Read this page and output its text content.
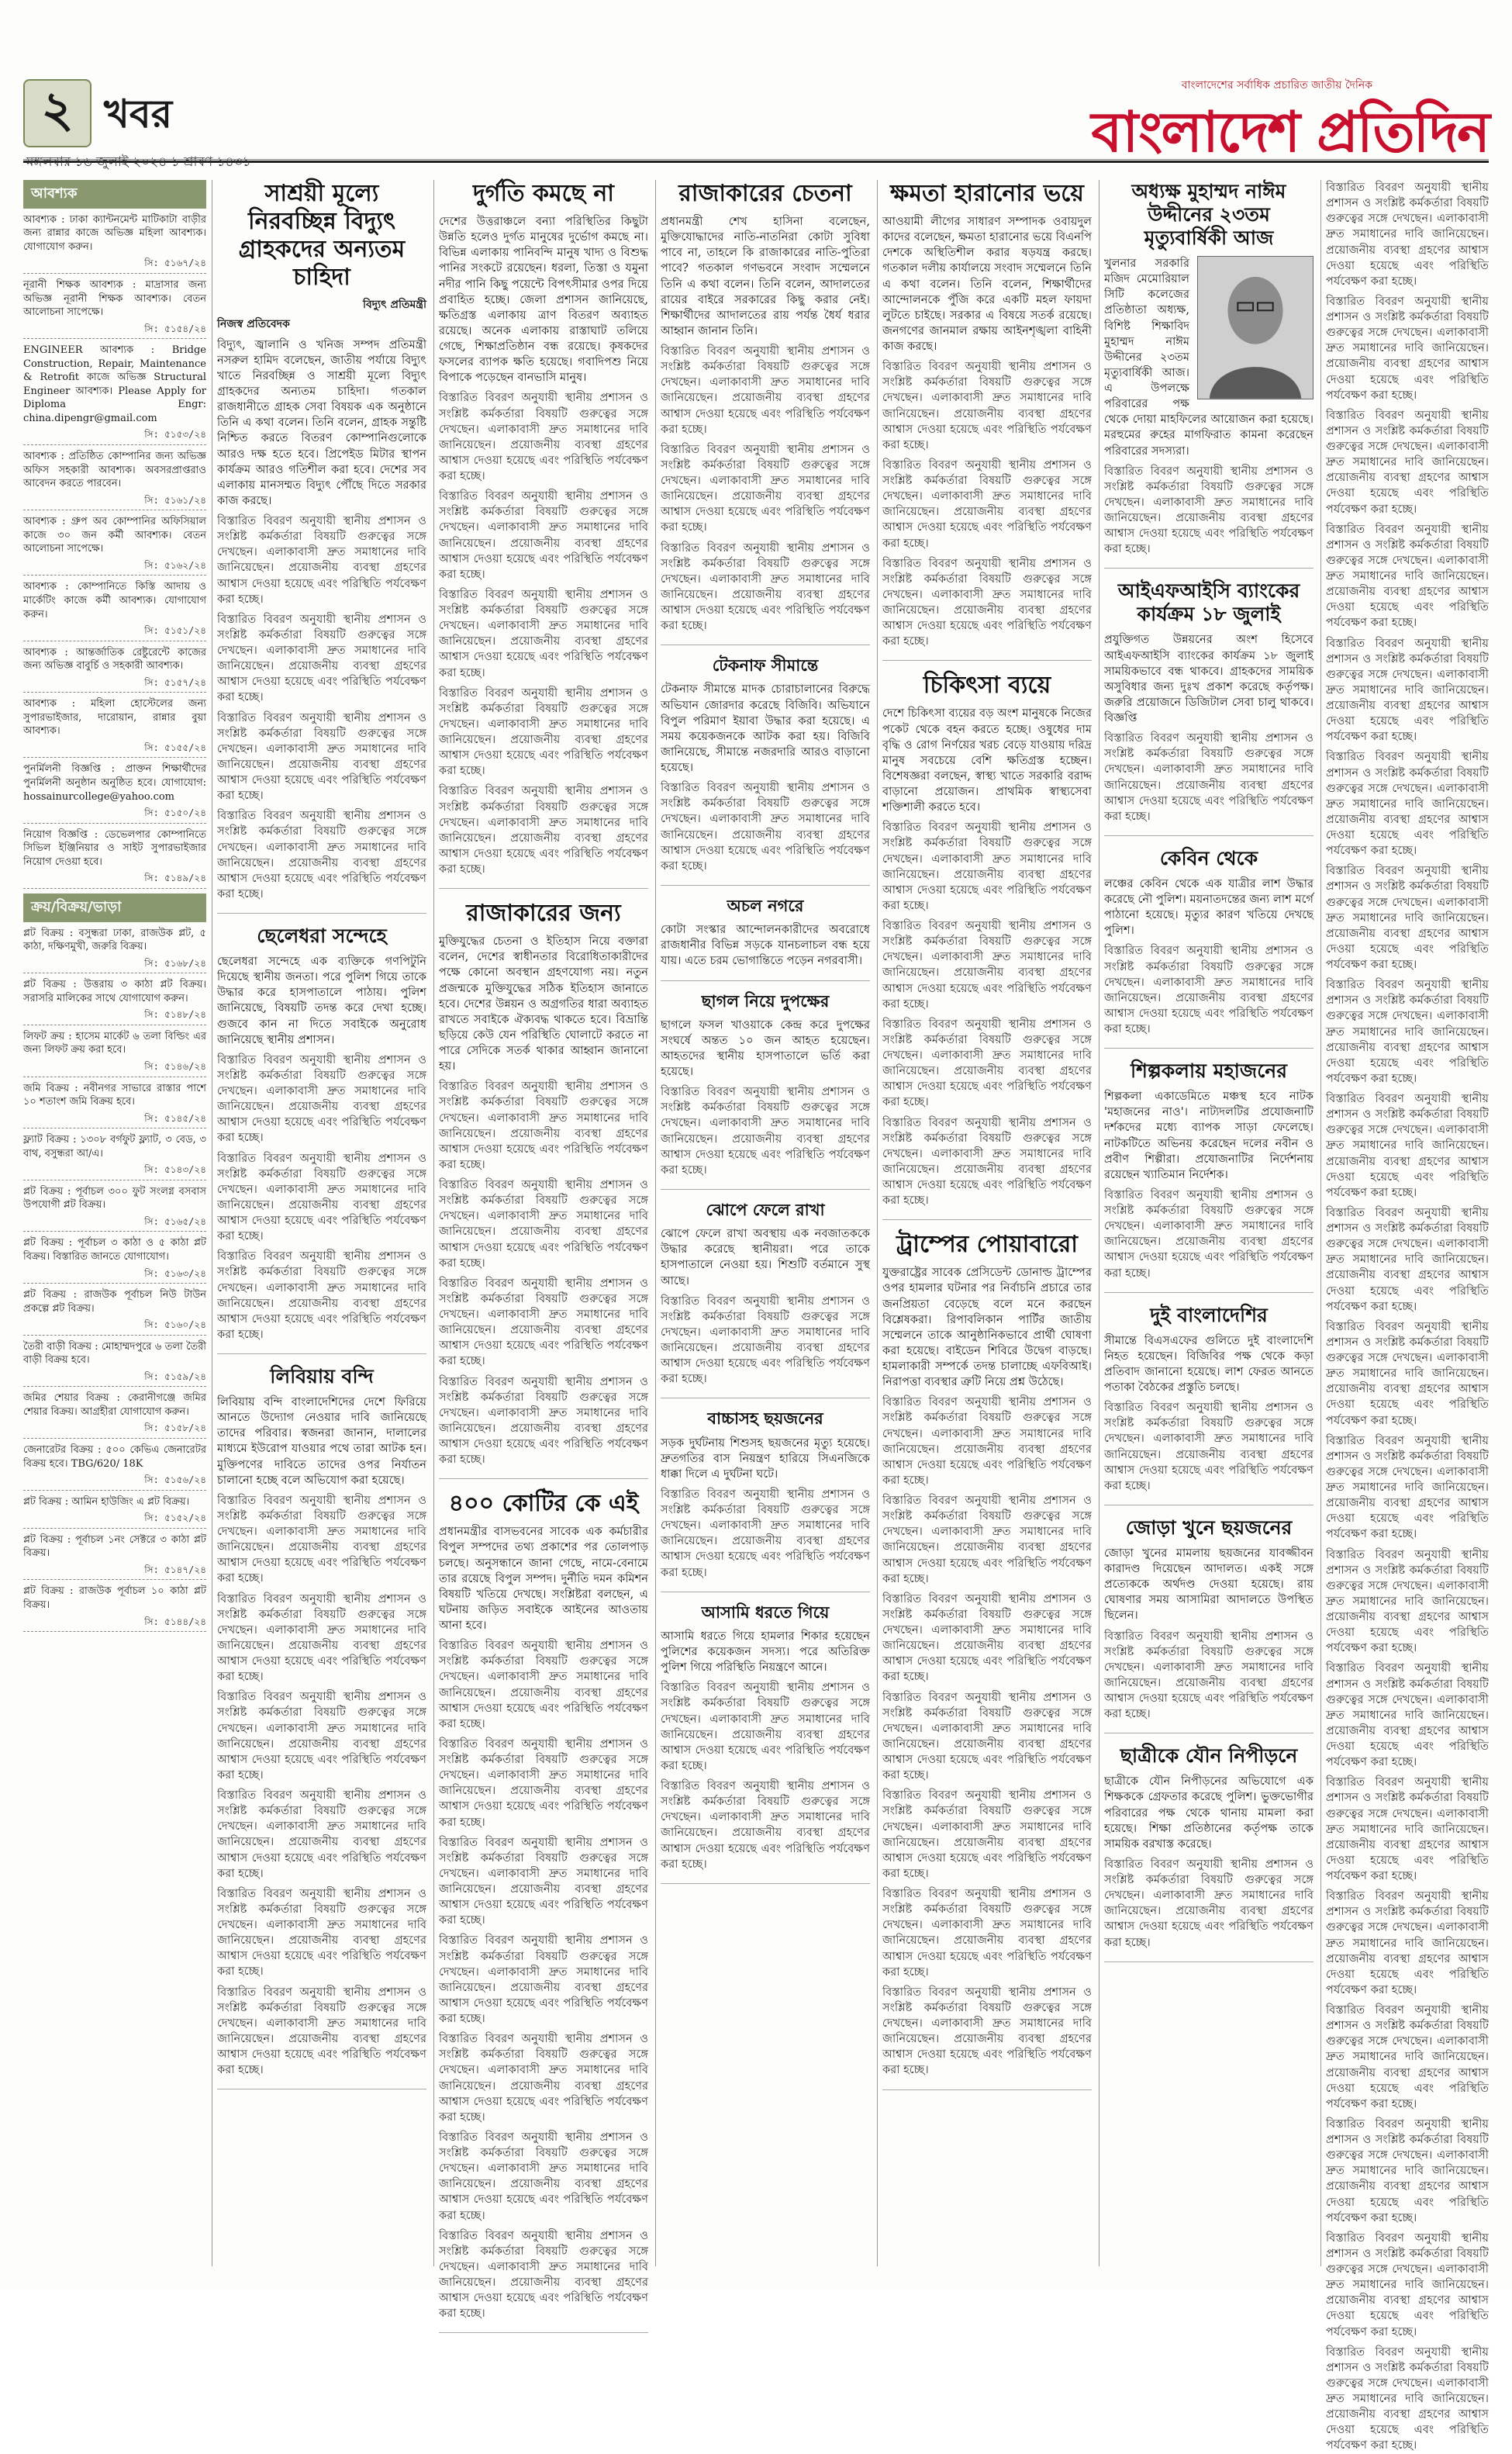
২ খবর
মঙ্গলবার ১৬ জুলাই ২০২৪ ১ শ্রাবণ ১৪৩১
বাংলাদেশের সর্বাধিক প্রচারিত জাতীয় দৈনিক
বাংলাদেশ প্রতিদিন
আবশ্যক
আবশ্যক : ঢাকা ক্যান্টনমেন্ট মাটিকাটা বাড়ীর জন্য রান্নার কাজে অভিজ্ঞ মহিলা আবশ্যক। যোগাযোগ করুন।
সি: ৫১৬৭/২৪
নূরানী শিক্ষক আবশ্যক : মাদ্রাসার জন্য অভিজ্ঞ নূরানী শিক্ষক আবশ্যক। বেতন আলোচনা সাপেক্ষে।
সি: ৫১৫৪/২৪
ENGINEER আবশ্যক : Bridge Construction, Repair, Maintenance & Retrofit কাজে অভিজ্ঞ Structural Engineer আবশ্যক। Please Apply for Diploma Engr: china.dipengr@gmail.com
সি: ৫১৫৩/২৪
আবশ্যক : প্রতিষ্ঠিত কোম্পানির জন্য অভিজ্ঞ অফিস সহকারী আবশ্যক। অবসরপ্রাপ্তরাও আবেদন করতে পারবেন।
সি: ৫১৬১/২৪
আবশ্যক : গ্রুপ অব কোম্পানির অফিসিয়াল কাজে ৩০ জন কর্মী আবশ্যক। বেতন আলোচনা সাপেক্ষে।
সি: ৫১৬২/২৪
আবশ্যক : কোম্পানিতে কিস্তি আদায় ও মার্কেটিং কাজে কর্মী আবশ্যক। যোগাযোগ করুন।
সি: ৫১৫১/২৪
আবশ্যক : আন্তর্জাতিক রেষ্টুরেন্টে কাজের জন্য অভিজ্ঞ বাবুর্চি ও সহকারী আবশ্যক।
সি: ৫১৫৭/২৪
আবশ্যক : মহিলা হোস্টেলের জন্য সুপারভাইজার, দারোয়ান, রান্নার বুয়া আবশ্যক।
সি: ৫১৫৫/২৪
পুনর্মিলনী বিজ্ঞপ্তি : প্রাক্তন শিক্ষার্থীদের পুনর্মিলনী অনুষ্ঠান অনুষ্ঠিত হবে। যোগাযোগ: hossainurcollege@yahoo.com
সি: ৫১৫০/২৪
নিয়োগ বিজ্ঞপ্তি : ডেভেলপার কোম্পানিতে সিভিল ইঞ্জিনিয়ার ও সাইট সুপারভাইজার নিয়োগ দেওয়া হবে।
সি: ৫১৪৯/২৪
ক্রয়/বিক্রয়/ভাড়া
প্লট বিক্রয় : বসুন্ধরা ঢাকা, রাজউক প্লট, ৫ কাঠা, দক্ষিণমুখী, জরুরি বিক্রয়।
সি: ৫১৬৮/২৪
প্লট বিক্রয় : উত্তরায় ৩ কাঠা প্লট বিক্রয়। সরাসরি মালিকের সাথে যোগাযোগ করুন।
সি: ৫১৪৮/২৪
লিফট ক্রয় : হাসেম মার্কেট ৬ তলা বিল্ডিং এর জন্য লিফট ক্রয় করা হবে।
সি: ৫১৪৬/২৪
জমি বিক্রয় : নবীনগর সাভারে রাস্তার পাশে ১০ শতাংশ জমি বিক্রয় হবে।
সি: ৫১৪৫/২৪
ফ্ল্যাট বিক্রয় : ১৩০৮ বর্গফুট ফ্ল্যাট, ৩ বেড, ৩ বাথ, বসুন্ধরা আ/এ।
সি: ৫১৪৩/২৪
প্লট বিক্রয় : পূর্বাচল ৩০০ ফুট সংলগ্ন বসবাস উপযোগী প্লট বিক্রয়।
সি: ৫১৬৫/২৪
প্লট বিক্রয় : পূর্বাচল ৩ কাঠা ও ৫ কাঠা প্লট বিক্রয়। বিস্তারিত জানতে যোগাযোগ।
সি: ৫১৬৩/২৪
প্লট বিক্রয় : রাজউক পূর্বাচল নিউ টাউন প্রকল্পে প্লট বিক্রয়।
সি: ৫১৬০/২৪
তৈরী বাড়ী বিক্রয় : মোহাম্মদপুরে ৬ তলা তৈরী বাড়ী বিক্রয় হবে।
সি: ৫১৫৯/২৪
জমির শেয়ার বিক্রয় : কেরানীগঞ্জে জমির শেয়ার বিক্রয়। আগ্রহীরা যোগাযোগ করুন।
সি: ৫১৫৮/২৪
জেনারেটর বিক্রয় : ৫০০ কেভিএ জেনারেটর বিক্রয় হবে। TBG/620/ 18K
সি: ৫১৫৬/২৪
প্লট বিক্রয় : আমিন হাউজিং এ প্লট বিক্রয়।
সি: ৫১৫২/২৪
প্লট বিক্রয় : পূর্বাচল ১নং সেক্টরে ৩ কাঠা প্লট বিক্রয়।
সি: ৫১৪৭/২৪
প্লট বিক্রয় : রাজউক পূর্বাচল ১০ কাঠা প্লট বিক্রয়।
সি: ৫১৪৪/২৪
সাশ্রয়ী মূল্যে নিরবচ্ছিন্ন বিদ্যুৎ গ্রাহকদের অন্যতম চাহিদা
বিদ্যুৎ প্রতিমন্ত্রী
নিজস্ব প্রতিবেদক

বিদ্যুৎ, জ্বালানি ও খনিজ সম্পদ প্রতিমন্ত্রী নসরুল হামিদ বলেছেন, জাতীয় পর্যায়ে বিদ্যুৎ খাতে নিরবচ্ছিন্ন ও সাশ্রয়ী মূল্যে বিদ্যুৎ গ্রাহকদের অন্যতম চাহিদা। গতকাল রাজধানীতে গ্রাহক সেবা বিষয়ক এক অনুষ্ঠানে তিনি এ কথা বলেন। তিনি বলেন, গ্রাহক সন্তুষ্টি নিশ্চিত করতে বিতরণ কোম্পানিগুলোকে আরও দক্ষ হতে হবে। প্রিপেইড মিটার স্থাপন কার্যক্রম আরও গতিশীল করা হবে। দেশের সব এলাকায় মানসম্মত বিদ্যুৎ পৌঁছে দিতে সরকার কাজ করছে।

বিস্তারিত বিবরণ অনুযায়ী স্থানীয় প্রশাসন ও সংশ্লিষ্ট কর্মকর্তারা বিষয়টি গুরুত্বের সঙ্গে দেখছেন। এলাকাবাসী দ্রুত সমাধানের দাবি জানিয়েছেন। প্রয়োজনীয় ব্যবস্থা গ্রহণের আশ্বাস দেওয়া হয়েছে এবং পরিস্থিতি পর্যবেক্ষণ করা হচ্ছে।

বিস্তারিত বিবরণ অনুযায়ী স্থানীয় প্রশাসন ও সংশ্লিষ্ট কর্মকর্তারা বিষয়টি গুরুত্বের সঙ্গে দেখছেন। এলাকাবাসী দ্রুত সমাধানের দাবি জানিয়েছেন। প্রয়োজনীয় ব্যবস্থা গ্রহণের আশ্বাস দেওয়া হয়েছে এবং পরিস্থিতি পর্যবেক্ষণ করা হচ্ছে।

বিস্তারিত বিবরণ অনুযায়ী স্থানীয় প্রশাসন ও সংশ্লিষ্ট কর্মকর্তারা বিষয়টি গুরুত্বের সঙ্গে দেখছেন। এলাকাবাসী দ্রুত সমাধানের দাবি জানিয়েছেন। প্রয়োজনীয় ব্যবস্থা গ্রহণের আশ্বাস দেওয়া হয়েছে এবং পরিস্থিতি পর্যবেক্ষণ করা হচ্ছে।

বিস্তারিত বিবরণ অনুযায়ী স্থানীয় প্রশাসন ও সংশ্লিষ্ট কর্মকর্তারা বিষয়টি গুরুত্বের সঙ্গে দেখছেন। এলাকাবাসী দ্রুত সমাধানের দাবি জানিয়েছেন। প্রয়োজনীয় ব্যবস্থা গ্রহণের আশ্বাস দেওয়া হয়েছে এবং পরিস্থিতি পর্যবেক্ষণ করা হচ্ছে।

ছেলেধরা সন্দেহে

ছেলেধরা সন্দেহে এক ব্যক্তিকে গণপিটুনি দিয়েছে স্থানীয় জনতা। পরে পুলিশ গিয়ে তাকে উদ্ধার করে হাসপাতালে পাঠায়। পুলিশ জানিয়েছে, বিষয়টি তদন্ত করে দেখা হচ্ছে। গুজবে কান না দিতে সবাইকে অনুরোধ জানিয়েছে স্থানীয় প্রশাসন।

বিস্তারিত বিবরণ অনুযায়ী স্থানীয় প্রশাসন ও সংশ্লিষ্ট কর্মকর্তারা বিষয়টি গুরুত্বের সঙ্গে দেখছেন। এলাকাবাসী দ্রুত সমাধানের দাবি জানিয়েছেন। প্রয়োজনীয় ব্যবস্থা গ্রহণের আশ্বাস দেওয়া হয়েছে এবং পরিস্থিতি পর্যবেক্ষণ করা হচ্ছে।

বিস্তারিত বিবরণ অনুযায়ী স্থানীয় প্রশাসন ও সংশ্লিষ্ট কর্মকর্তারা বিষয়টি গুরুত্বের সঙ্গে দেখছেন। এলাকাবাসী দ্রুত সমাধানের দাবি জানিয়েছেন। প্রয়োজনীয় ব্যবস্থা গ্রহণের আশ্বাস দেওয়া হয়েছে এবং পরিস্থিতি পর্যবেক্ষণ করা হচ্ছে।

বিস্তারিত বিবরণ অনুযায়ী স্থানীয় প্রশাসন ও সংশ্লিষ্ট কর্মকর্তারা বিষয়টি গুরুত্বের সঙ্গে দেখছেন। এলাকাবাসী দ্রুত সমাধানের দাবি জানিয়েছেন। প্রয়োজনীয় ব্যবস্থা গ্রহণের আশ্বাস দেওয়া হয়েছে এবং পরিস্থিতি পর্যবেক্ষণ করা হচ্ছে।

লিবিয়ায় বন্দি

লিবিয়ায় বন্দি বাংলাদেশিদের দেশে ফিরিয়ে আনতে উদ্যোগ নেওয়ার দাবি জানিয়েছে তাদের পরিবার। স্বজনরা জানান, দালালের মাধ্যমে ইউরোপ যাওয়ার পথে তারা আটক হন। মুক্তিপণের দাবিতে তাদের ওপর নির্যাতন চালানো হচ্ছে বলে অভিযোগ করা হয়েছে।

বিস্তারিত বিবরণ অনুযায়ী স্থানীয় প্রশাসন ও সংশ্লিষ্ট কর্মকর্তারা বিষয়টি গুরুত্বের সঙ্গে দেখছেন। এলাকাবাসী দ্রুত সমাধানের দাবি জানিয়েছেন। প্রয়োজনীয় ব্যবস্থা গ্রহণের আশ্বাস দেওয়া হয়েছে এবং পরিস্থিতি পর্যবেক্ষণ করা হচ্ছে।

বিস্তারিত বিবরণ অনুযায়ী স্থানীয় প্রশাসন ও সংশ্লিষ্ট কর্মকর্তারা বিষয়টি গুরুত্বের সঙ্গে দেখছেন। এলাকাবাসী দ্রুত সমাধানের দাবি জানিয়েছেন। প্রয়োজনীয় ব্যবস্থা গ্রহণের আশ্বাস দেওয়া হয়েছে এবং পরিস্থিতি পর্যবেক্ষণ করা হচ্ছে।

বিস্তারিত বিবরণ অনুযায়ী স্থানীয় প্রশাসন ও সংশ্লিষ্ট কর্মকর্তারা বিষয়টি গুরুত্বের সঙ্গে দেখছেন। এলাকাবাসী দ্রুত সমাধানের দাবি জানিয়েছেন। প্রয়োজনীয় ব্যবস্থা গ্রহণের আশ্বাস দেওয়া হয়েছে এবং পরিস্থিতি পর্যবেক্ষণ করা হচ্ছে।

বিস্তারিত বিবরণ অনুযায়ী স্থানীয় প্রশাসন ও সংশ্লিষ্ট কর্মকর্তারা বিষয়টি গুরুত্বের সঙ্গে দেখছেন। এলাকাবাসী দ্রুত সমাধানের দাবি জানিয়েছেন। প্রয়োজনীয় ব্যবস্থা গ্রহণের আশ্বাস দেওয়া হয়েছে এবং পরিস্থিতি পর্যবেক্ষণ করা হচ্ছে।

বিস্তারিত বিবরণ অনুযায়ী স্থানীয় প্রশাসন ও সংশ্লিষ্ট কর্মকর্তারা বিষয়টি গুরুত্বের সঙ্গে দেখছেন। এলাকাবাসী দ্রুত সমাধানের দাবি জানিয়েছেন। প্রয়োজনীয় ব্যবস্থা গ্রহণের আশ্বাস দেওয়া হয়েছে এবং পরিস্থিতি পর্যবেক্ষণ করা হচ্ছে।

বিস্তারিত বিবরণ অনুযায়ী স্থানীয় প্রশাসন ও সংশ্লিষ্ট কর্মকর্তারা বিষয়টি গুরুত্বের সঙ্গে দেখছেন। এলাকাবাসী দ্রুত সমাধানের দাবি জানিয়েছেন। প্রয়োজনীয় ব্যবস্থা গ্রহণের আশ্বাস দেওয়া হয়েছে এবং পরিস্থিতি পর্যবেক্ষণ করা হচ্ছে।

দুর্গতি কমছে না

দেশের উত্তরাঞ্চলে বন্যা পরিস্থিতির কিছুটা উন্নতি হলেও দুর্গত মানুষের দুর্ভোগ কমছে না। বিভিন্ন এলাকায় পানিবন্দি মানুষ খাদ্য ও বিশুদ্ধ পানির সংকটে রয়েছেন। ধরলা, তিস্তা ও যমুনা নদীর পানি কিছু পয়েন্টে বিপৎসীমার ওপর দিয়ে প্রবাহিত হচ্ছে। জেলা প্রশাসন জানিয়েছে, ক্ষতিগ্রস্ত এলাকায় ত্রাণ বিতরণ অব্যাহত রয়েছে। অনেক এলাকায় রাস্তাঘাট তলিয়ে গেছে, শিক্ষাপ্রতিষ্ঠান বন্ধ রয়েছে। কৃষকদের ফসলের ব্যাপক ক্ষতি হয়েছে। গবাদিপশু নিয়ে বিপাকে পড়েছেন বানভাসি মানুষ।

বিস্তারিত বিবরণ অনুযায়ী স্থানীয় প্রশাসন ও সংশ্লিষ্ট কর্মকর্তারা বিষয়টি গুরুত্বের সঙ্গে দেখছেন। এলাকাবাসী দ্রুত সমাধানের দাবি জানিয়েছেন। প্রয়োজনীয় ব্যবস্থা গ্রহণের আশ্বাস দেওয়া হয়েছে এবং পরিস্থিতি পর্যবেক্ষণ করা হচ্ছে।

বিস্তারিত বিবরণ অনুযায়ী স্থানীয় প্রশাসন ও সংশ্লিষ্ট কর্মকর্তারা বিষয়টি গুরুত্বের সঙ্গে দেখছেন। এলাকাবাসী দ্রুত সমাধানের দাবি জানিয়েছেন। প্রয়োজনীয় ব্যবস্থা গ্রহণের আশ্বাস দেওয়া হয়েছে এবং পরিস্থিতি পর্যবেক্ষণ করা হচ্ছে।

বিস্তারিত বিবরণ অনুযায়ী স্থানীয় প্রশাসন ও সংশ্লিষ্ট কর্মকর্তারা বিষয়টি গুরুত্বের সঙ্গে দেখছেন। এলাকাবাসী দ্রুত সমাধানের দাবি জানিয়েছেন। প্রয়োজনীয় ব্যবস্থা গ্রহণের আশ্বাস দেওয়া হয়েছে এবং পরিস্থিতি পর্যবেক্ষণ করা হচ্ছে।

বিস্তারিত বিবরণ অনুযায়ী স্থানীয় প্রশাসন ও সংশ্লিষ্ট কর্মকর্তারা বিষয়টি গুরুত্বের সঙ্গে দেখছেন। এলাকাবাসী দ্রুত সমাধানের দাবি জানিয়েছেন। প্রয়োজনীয় ব্যবস্থা গ্রহণের আশ্বাস দেওয়া হয়েছে এবং পরিস্থিতি পর্যবেক্ষণ করা হচ্ছে।

বিস্তারিত বিবরণ অনুযায়ী স্থানীয় প্রশাসন ও সংশ্লিষ্ট কর্মকর্তারা বিষয়টি গুরুত্বের সঙ্গে দেখছেন। এলাকাবাসী দ্রুত সমাধানের দাবি জানিয়েছেন। প্রয়োজনীয় ব্যবস্থা গ্রহণের আশ্বাস দেওয়া হয়েছে এবং পরিস্থিতি পর্যবেক্ষণ করা হচ্ছে।

রাজাকারের জন্য

মুক্তিযুদ্ধের চেতনা ও ইতিহাস নিয়ে বক্তারা বলেন, দেশের স্বাধীনতার বিরোধিতাকারীদের পক্ষে কোনো অবস্থান গ্রহণযোগ্য নয়। নতুন প্রজন্মকে মুক্তিযুদ্ধের সঠিক ইতিহাস জানাতে হবে। দেশের উন্নয়ন ও অগ্রগতির ধারা অব্যাহত রাখতে সবাইকে ঐক্যবদ্ধ থাকতে হবে। বিভ্রান্তি ছড়িয়ে কেউ যেন পরিস্থিতি ঘোলাটে করতে না পারে সেদিকে সতর্ক থাকার আহ্বান জানানো হয়।

বিস্তারিত বিবরণ অনুযায়ী স্থানীয় প্রশাসন ও সংশ্লিষ্ট কর্মকর্তারা বিষয়টি গুরুত্বের সঙ্গে দেখছেন। এলাকাবাসী দ্রুত সমাধানের দাবি জানিয়েছেন। প্রয়োজনীয় ব্যবস্থা গ্রহণের আশ্বাস দেওয়া হয়েছে এবং পরিস্থিতি পর্যবেক্ষণ করা হচ্ছে।

বিস্তারিত বিবরণ অনুযায়ী স্থানীয় প্রশাসন ও সংশ্লিষ্ট কর্মকর্তারা বিষয়টি গুরুত্বের সঙ্গে দেখছেন। এলাকাবাসী দ্রুত সমাধানের দাবি জানিয়েছেন। প্রয়োজনীয় ব্যবস্থা গ্রহণের আশ্বাস দেওয়া হয়েছে এবং পরিস্থিতি পর্যবেক্ষণ করা হচ্ছে।

বিস্তারিত বিবরণ অনুযায়ী স্থানীয় প্রশাসন ও সংশ্লিষ্ট কর্মকর্তারা বিষয়টি গুরুত্বের সঙ্গে দেখছেন। এলাকাবাসী দ্রুত সমাধানের দাবি জানিয়েছেন। প্রয়োজনীয় ব্যবস্থা গ্রহণের আশ্বাস দেওয়া হয়েছে এবং পরিস্থিতি পর্যবেক্ষণ করা হচ্ছে।

বিস্তারিত বিবরণ অনুযায়ী স্থানীয় প্রশাসন ও সংশ্লিষ্ট কর্মকর্তারা বিষয়টি গুরুত্বের সঙ্গে দেখছেন। এলাকাবাসী দ্রুত সমাধানের দাবি জানিয়েছেন। প্রয়োজনীয় ব্যবস্থা গ্রহণের আশ্বাস দেওয়া হয়েছে এবং পরিস্থিতি পর্যবেক্ষণ করা হচ্ছে।

৪০০ কোটির কে এই

প্রধানমন্ত্রীর বাসভবনের সাবেক এক কর্মচারীর বিপুল সম্পদের তথ্য প্রকাশের পর তোলপাড় চলছে। অনুসন্ধানে জানা গেছে, নামে-বেনামে তার রয়েছে বিপুল সম্পদ। দুর্নীতি দমন কমিশন বিষয়টি খতিয়ে দেখছে। সংশ্লিষ্টরা বলছেন, এ ঘটনায় জড়িত সবাইকে আইনের আওতায় আনা হবে।

বিস্তারিত বিবরণ অনুযায়ী স্থানীয় প্রশাসন ও সংশ্লিষ্ট কর্মকর্তারা বিষয়টি গুরুত্বের সঙ্গে দেখছেন। এলাকাবাসী দ্রুত সমাধানের দাবি জানিয়েছেন। প্রয়োজনীয় ব্যবস্থা গ্রহণের আশ্বাস দেওয়া হয়েছে এবং পরিস্থিতি পর্যবেক্ষণ করা হচ্ছে।

বিস্তারিত বিবরণ অনুযায়ী স্থানীয় প্রশাসন ও সংশ্লিষ্ট কর্মকর্তারা বিষয়টি গুরুত্বের সঙ্গে দেখছেন। এলাকাবাসী দ্রুত সমাধানের দাবি জানিয়েছেন। প্রয়োজনীয় ব্যবস্থা গ্রহণের আশ্বাস দেওয়া হয়েছে এবং পরিস্থিতি পর্যবেক্ষণ করা হচ্ছে।

বিস্তারিত বিবরণ অনুযায়ী স্থানীয় প্রশাসন ও সংশ্লিষ্ট কর্মকর্তারা বিষয়টি গুরুত্বের সঙ্গে দেখছেন। এলাকাবাসী দ্রুত সমাধানের দাবি জানিয়েছেন। প্রয়োজনীয় ব্যবস্থা গ্রহণের আশ্বাস দেওয়া হয়েছে এবং পরিস্থিতি পর্যবেক্ষণ করা হচ্ছে।

বিস্তারিত বিবরণ অনুযায়ী স্থানীয় প্রশাসন ও সংশ্লিষ্ট কর্মকর্তারা বিষয়টি গুরুত্বের সঙ্গে দেখছেন। এলাকাবাসী দ্রুত সমাধানের দাবি জানিয়েছেন। প্রয়োজনীয় ব্যবস্থা গ্রহণের আশ্বাস দেওয়া হয়েছে এবং পরিস্থিতি পর্যবেক্ষণ করা হচ্ছে।

বিস্তারিত বিবরণ অনুযায়ী স্থানীয় প্রশাসন ও সংশ্লিষ্ট কর্মকর্তারা বিষয়টি গুরুত্বের সঙ্গে দেখছেন। এলাকাবাসী দ্রুত সমাধানের দাবি জানিয়েছেন। প্রয়োজনীয় ব্যবস্থা গ্রহণের আশ্বাস দেওয়া হয়েছে এবং পরিস্থিতি পর্যবেক্ষণ করা হচ্ছে।

বিস্তারিত বিবরণ অনুযায়ী স্থানীয় প্রশাসন ও সংশ্লিষ্ট কর্মকর্তারা বিষয়টি গুরুত্বের সঙ্গে দেখছেন। এলাকাবাসী দ্রুত সমাধানের দাবি জানিয়েছেন। প্রয়োজনীয় ব্যবস্থা গ্রহণের আশ্বাস দেওয়া হয়েছে এবং পরিস্থিতি পর্যবেক্ষণ করা হচ্ছে।

বিস্তারিত বিবরণ অনুযায়ী স্থানীয় প্রশাসন ও সংশ্লিষ্ট কর্মকর্তারা বিষয়টি গুরুত্বের সঙ্গে দেখছেন। এলাকাবাসী দ্রুত সমাধানের দাবি জানিয়েছেন। প্রয়োজনীয় ব্যবস্থা গ্রহণের আশ্বাস দেওয়া হয়েছে এবং পরিস্থিতি পর্যবেক্ষণ করা হচ্ছে।

রাজাকারের চেতনা

প্রধানমন্ত্রী শেখ হাসিনা বলেছেন, মুক্তিযোদ্ধাদের নাতি-নাতনিরা কোটা সুবিধা পাবে না, তাহলে কি রাজাকারের নাতি-পুতিরা পাবে? গতকাল গণভবনে সংবাদ সম্মেলনে তিনি এ কথা বলেন। তিনি বলেন, আদালতের রায়ের বাইরে সরকারের কিছু করার নেই। শিক্ষার্থীদের আদালতের রায় পর্যন্ত ধৈর্য ধরার আহ্বান জানান তিনি।

বিস্তারিত বিবরণ অনুযায়ী স্থানীয় প্রশাসন ও সংশ্লিষ্ট কর্মকর্তারা বিষয়টি গুরুত্বের সঙ্গে দেখছেন। এলাকাবাসী দ্রুত সমাধানের দাবি জানিয়েছেন। প্রয়োজনীয় ব্যবস্থা গ্রহণের আশ্বাস দেওয়া হয়েছে এবং পরিস্থিতি পর্যবেক্ষণ করা হচ্ছে।

বিস্তারিত বিবরণ অনুযায়ী স্থানীয় প্রশাসন ও সংশ্লিষ্ট কর্মকর্তারা বিষয়টি গুরুত্বের সঙ্গে দেখছেন। এলাকাবাসী দ্রুত সমাধানের দাবি জানিয়েছেন। প্রয়োজনীয় ব্যবস্থা গ্রহণের আশ্বাস দেওয়া হয়েছে এবং পরিস্থিতি পর্যবেক্ষণ করা হচ্ছে।

বিস্তারিত বিবরণ অনুযায়ী স্থানীয় প্রশাসন ও সংশ্লিষ্ট কর্মকর্তারা বিষয়টি গুরুত্বের সঙ্গে দেখছেন। এলাকাবাসী দ্রুত সমাধানের দাবি জানিয়েছেন। প্রয়োজনীয় ব্যবস্থা গ্রহণের আশ্বাস দেওয়া হয়েছে এবং পরিস্থিতি পর্যবেক্ষণ করা হচ্ছে।

টেকনাফ সীমান্তে

টেকনাফ সীমান্তে মাদক চোরাচালানের বিরুদ্ধে অভিযান জোরদার করেছে বিজিবি। অভিযানে বিপুল পরিমাণ ইয়াবা উদ্ধার করা হয়েছে। এ সময় কয়েকজনকে আটক করা হয়। বিজিবি জানিয়েছে, সীমান্তে নজরদারি আরও বাড়ানো হয়েছে।

বিস্তারিত বিবরণ অনুযায়ী স্থানীয় প্রশাসন ও সংশ্লিষ্ট কর্মকর্তারা বিষয়টি গুরুত্বের সঙ্গে দেখছেন। এলাকাবাসী দ্রুত সমাধানের দাবি জানিয়েছেন। প্রয়োজনীয় ব্যবস্থা গ্রহণের আশ্বাস দেওয়া হয়েছে এবং পরিস্থিতি পর্যবেক্ষণ করা হচ্ছে।

অচল নগরে

কোটা সংস্কার আন্দোলনকারীদের অবরোধে রাজধানীর বিভিন্ন সড়কে যানচলাচল বন্ধ হয়ে যায়। এতে চরম ভোগান্তিতে পড়েন নগরবাসী।

ছাগল নিয়ে দুপক্ষের

ছাগলে ফসল খাওয়াকে কেন্দ্র করে দুপক্ষের সংঘর্ষে অন্তত ১০ জন আহত হয়েছেন। আহতদের স্থানীয় হাসপাতালে ভর্তি করা হয়েছে।

বিস্তারিত বিবরণ অনুযায়ী স্থানীয় প্রশাসন ও সংশ্লিষ্ট কর্মকর্তারা বিষয়টি গুরুত্বের সঙ্গে দেখছেন। এলাকাবাসী দ্রুত সমাধানের দাবি জানিয়েছেন। প্রয়োজনীয় ব্যবস্থা গ্রহণের আশ্বাস দেওয়া হয়েছে এবং পরিস্থিতি পর্যবেক্ষণ করা হচ্ছে।

ঝোপে ফেলে রাখা

ঝোপে ফেলে রাখা অবস্থায় এক নবজাতককে উদ্ধার করেছে স্থানীয়রা। পরে তাকে হাসপাতালে নেওয়া হয়। শিশুটি বর্তমানে সুস্থ আছে।

বিস্তারিত বিবরণ অনুযায়ী স্থানীয় প্রশাসন ও সংশ্লিষ্ট কর্মকর্তারা বিষয়টি গুরুত্বের সঙ্গে দেখছেন। এলাকাবাসী দ্রুত সমাধানের দাবি জানিয়েছেন। প্রয়োজনীয় ব্যবস্থা গ্রহণের আশ্বাস দেওয়া হয়েছে এবং পরিস্থিতি পর্যবেক্ষণ করা হচ্ছে।

বাচ্চাসহ ছয়জনের

সড়ক দুর্ঘটনায় শিশুসহ ছয়জনের মৃত্যু হয়েছে। দ্রুতগতির বাস নিয়ন্ত্রণ হারিয়ে সিএনজিকে ধাক্কা দিলে এ দুর্ঘটনা ঘটে।

বিস্তারিত বিবরণ অনুযায়ী স্থানীয় প্রশাসন ও সংশ্লিষ্ট কর্মকর্তারা বিষয়টি গুরুত্বের সঙ্গে দেখছেন। এলাকাবাসী দ্রুত সমাধানের দাবি জানিয়েছেন। প্রয়োজনীয় ব্যবস্থা গ্রহণের আশ্বাস দেওয়া হয়েছে এবং পরিস্থিতি পর্যবেক্ষণ করা হচ্ছে।

আসামি ধরতে গিয়ে

আসামি ধরতে গিয়ে হামলার শিকার হয়েছেন পুলিশের কয়েকজন সদস্য। পরে অতিরিক্ত পুলিশ গিয়ে পরিস্থিতি নিয়ন্ত্রণে আনে।

বিস্তারিত বিবরণ অনুযায়ী স্থানীয় প্রশাসন ও সংশ্লিষ্ট কর্মকর্তারা বিষয়টি গুরুত্বের সঙ্গে দেখছেন। এলাকাবাসী দ্রুত সমাধানের দাবি জানিয়েছেন। প্রয়োজনীয় ব্যবস্থা গ্রহণের আশ্বাস দেওয়া হয়েছে এবং পরিস্থিতি পর্যবেক্ষণ করা হচ্ছে।

বিস্তারিত বিবরণ অনুযায়ী স্থানীয় প্রশাসন ও সংশ্লিষ্ট কর্মকর্তারা বিষয়টি গুরুত্বের সঙ্গে দেখছেন। এলাকাবাসী দ্রুত সমাধানের দাবি জানিয়েছেন। প্রয়োজনীয় ব্যবস্থা গ্রহণের আশ্বাস দেওয়া হয়েছে এবং পরিস্থিতি পর্যবেক্ষণ করা হচ্ছে।

ক্ষমতা হারানোর ভয়ে

আওয়ামী লীগের সাধারণ সম্পাদক ওবায়দুল কাদের বলেছেন, ক্ষমতা হারানোর ভয়ে বিএনপি দেশকে অস্থিতিশীল করার ষড়যন্ত্র করছে। গতকাল দলীয় কার্যালয়ে সংবাদ সম্মেলনে তিনি এ কথা বলেন। তিনি বলেন, শিক্ষার্থীদের আন্দোলনকে পুঁজি করে একটি মহল ফায়দা লুটতে চাইছে। সরকার এ বিষয়ে সতর্ক রয়েছে। জনগণের জানমাল রক্ষায় আইনশৃঙ্খলা বাহিনী কাজ করছে।

বিস্তারিত বিবরণ অনুযায়ী স্থানীয় প্রশাসন ও সংশ্লিষ্ট কর্মকর্তারা বিষয়টি গুরুত্বের সঙ্গে দেখছেন। এলাকাবাসী দ্রুত সমাধানের দাবি জানিয়েছেন। প্রয়োজনীয় ব্যবস্থা গ্রহণের আশ্বাস দেওয়া হয়েছে এবং পরিস্থিতি পর্যবেক্ষণ করা হচ্ছে।

বিস্তারিত বিবরণ অনুযায়ী স্থানীয় প্রশাসন ও সংশ্লিষ্ট কর্মকর্তারা বিষয়টি গুরুত্বের সঙ্গে দেখছেন। এলাকাবাসী দ্রুত সমাধানের দাবি জানিয়েছেন। প্রয়োজনীয় ব্যবস্থা গ্রহণের আশ্বাস দেওয়া হয়েছে এবং পরিস্থিতি পর্যবেক্ষণ করা হচ্ছে।

বিস্তারিত বিবরণ অনুযায়ী স্থানীয় প্রশাসন ও সংশ্লিষ্ট কর্মকর্তারা বিষয়টি গুরুত্বের সঙ্গে দেখছেন। এলাকাবাসী দ্রুত সমাধানের দাবি জানিয়েছেন। প্রয়োজনীয় ব্যবস্থা গ্রহণের আশ্বাস দেওয়া হয়েছে এবং পরিস্থিতি পর্যবেক্ষণ করা হচ্ছে।

চিকিৎসা ব্যয়ে

দেশে চিকিৎসা ব্যয়ের বড় অংশ মানুষকে নিজের পকেট থেকে বহন করতে হচ্ছে। ওষুধের দাম বৃদ্ধি ও রোগ নির্ণয়ের খরচ বেড়ে যাওয়ায় দরিদ্র মানুষ সবচেয়ে বেশি ক্ষতিগ্রস্ত হচ্ছেন। বিশেষজ্ঞরা বলছেন, স্বাস্থ্য খাতে সরকারি বরাদ্দ বাড়ানো প্রয়োজন। প্রাথমিক স্বাস্থ্যসেবা শক্তিশালী করতে হবে।

বিস্তারিত বিবরণ অনুযায়ী স্থানীয় প্রশাসন ও সংশ্লিষ্ট কর্মকর্তারা বিষয়টি গুরুত্বের সঙ্গে দেখছেন। এলাকাবাসী দ্রুত সমাধানের দাবি জানিয়েছেন। প্রয়োজনীয় ব্যবস্থা গ্রহণের আশ্বাস দেওয়া হয়েছে এবং পরিস্থিতি পর্যবেক্ষণ করা হচ্ছে।

বিস্তারিত বিবরণ অনুযায়ী স্থানীয় প্রশাসন ও সংশ্লিষ্ট কর্মকর্তারা বিষয়টি গুরুত্বের সঙ্গে দেখছেন। এলাকাবাসী দ্রুত সমাধানের দাবি জানিয়েছেন। প্রয়োজনীয় ব্যবস্থা গ্রহণের আশ্বাস দেওয়া হয়েছে এবং পরিস্থিতি পর্যবেক্ষণ করা হচ্ছে।

বিস্তারিত বিবরণ অনুযায়ী স্থানীয় প্রশাসন ও সংশ্লিষ্ট কর্মকর্তারা বিষয়টি গুরুত্বের সঙ্গে দেখছেন। এলাকাবাসী দ্রুত সমাধানের দাবি জানিয়েছেন। প্রয়োজনীয় ব্যবস্থা গ্রহণের আশ্বাস দেওয়া হয়েছে এবং পরিস্থিতি পর্যবেক্ষণ করা হচ্ছে।

বিস্তারিত বিবরণ অনুযায়ী স্থানীয় প্রশাসন ও সংশ্লিষ্ট কর্মকর্তারা বিষয়টি গুরুত্বের সঙ্গে দেখছেন। এলাকাবাসী দ্রুত সমাধানের দাবি জানিয়েছেন। প্রয়োজনীয় ব্যবস্থা গ্রহণের আশ্বাস দেওয়া হয়েছে এবং পরিস্থিতি পর্যবেক্ষণ করা হচ্ছে।

ট্রাম্পের পোয়াবারো

যুক্তরাষ্ট্রের সাবেক প্রেসিডেন্ট ডোনাল্ড ট্রাম্পের ওপর হামলার ঘটনার পর নির্বাচনি প্রচারে তার জনপ্রিয়তা বেড়েছে বলে মনে করছেন বিশ্লেষকরা। রিপাবলিকান পার্টির জাতীয় সম্মেলনে তাকে আনুষ্ঠানিকভাবে প্রার্থী ঘোষণা করা হয়েছে। বাইডেন শিবিরে উদ্বেগ বাড়ছে। হামলাকারী সম্পর্কে তদন্ত চালাচ্ছে এফবিআই। নিরাপত্তা ব্যবস্থার ত্রুটি নিয়ে প্রশ্ন উঠেছে।

বিস্তারিত বিবরণ অনুযায়ী স্থানীয় প্রশাসন ও সংশ্লিষ্ট কর্মকর্তারা বিষয়টি গুরুত্বের সঙ্গে দেখছেন। এলাকাবাসী দ্রুত সমাধানের দাবি জানিয়েছেন। প্রয়োজনীয় ব্যবস্থা গ্রহণের আশ্বাস দেওয়া হয়েছে এবং পরিস্থিতি পর্যবেক্ষণ করা হচ্ছে।

বিস্তারিত বিবরণ অনুযায়ী স্থানীয় প্রশাসন ও সংশ্লিষ্ট কর্মকর্তারা বিষয়টি গুরুত্বের সঙ্গে দেখছেন। এলাকাবাসী দ্রুত সমাধানের দাবি জানিয়েছেন। প্রয়োজনীয় ব্যবস্থা গ্রহণের আশ্বাস দেওয়া হয়েছে এবং পরিস্থিতি পর্যবেক্ষণ করা হচ্ছে।

বিস্তারিত বিবরণ অনুযায়ী স্থানীয় প্রশাসন ও সংশ্লিষ্ট কর্মকর্তারা বিষয়টি গুরুত্বের সঙ্গে দেখছেন। এলাকাবাসী দ্রুত সমাধানের দাবি জানিয়েছেন। প্রয়োজনীয় ব্যবস্থা গ্রহণের আশ্বাস দেওয়া হয়েছে এবং পরিস্থিতি পর্যবেক্ষণ করা হচ্ছে।

বিস্তারিত বিবরণ অনুযায়ী স্থানীয় প্রশাসন ও সংশ্লিষ্ট কর্মকর্তারা বিষয়টি গুরুত্বের সঙ্গে দেখছেন। এলাকাবাসী দ্রুত সমাধানের দাবি জানিয়েছেন। প্রয়োজনীয় ব্যবস্থা গ্রহণের আশ্বাস দেওয়া হয়েছে এবং পরিস্থিতি পর্যবেক্ষণ করা হচ্ছে।

বিস্তারিত বিবরণ অনুযায়ী স্থানীয় প্রশাসন ও সংশ্লিষ্ট কর্মকর্তারা বিষয়টি গুরুত্বের সঙ্গে দেখছেন। এলাকাবাসী দ্রুত সমাধানের দাবি জানিয়েছেন। প্রয়োজনীয় ব্যবস্থা গ্রহণের আশ্বাস দেওয়া হয়েছে এবং পরিস্থিতি পর্যবেক্ষণ করা হচ্ছে।

বিস্তারিত বিবরণ অনুযায়ী স্থানীয় প্রশাসন ও সংশ্লিষ্ট কর্মকর্তারা বিষয়টি গুরুত্বের সঙ্গে দেখছেন। এলাকাবাসী দ্রুত সমাধানের দাবি জানিয়েছেন। প্রয়োজনীয় ব্যবস্থা গ্রহণের আশ্বাস দেওয়া হয়েছে এবং পরিস্থিতি পর্যবেক্ষণ করা হচ্ছে।

বিস্তারিত বিবরণ অনুযায়ী স্থানীয় প্রশাসন ও সংশ্লিষ্ট কর্মকর্তারা বিষয়টি গুরুত্বের সঙ্গে দেখছেন। এলাকাবাসী দ্রুত সমাধানের দাবি জানিয়েছেন। প্রয়োজনীয় ব্যবস্থা গ্রহণের আশ্বাস দেওয়া হয়েছে এবং পরিস্থিতি পর্যবেক্ষণ করা হচ্ছে।

অধ্যক্ষ মুহাম্মদ নাঈম উদ্দীনের ২৩তম মৃত্যুবার্ষিকী আজ

খুলনার সরকারি মজিদ মেমোরিয়াল সিটি কলেজের প্রতিষ্ঠাতা অধ্যক্ষ, বিশিষ্ট শিক্ষাবিদ মুহাম্মদ নাঈম উদ্দীনের ২৩তম মৃত্যুবার্ষিকী আজ। এ উপলক্ষে পরিবারের পক্ষ থেকে দোয়া মাহফিলের আয়োজন করা হয়েছে। মরহুমের রুহের মাগফিরাত কামনা করেছেন পরিবারের সদস্যরা।

বিস্তারিত বিবরণ অনুযায়ী স্থানীয় প্রশাসন ও সংশ্লিষ্ট কর্মকর্তারা বিষয়টি গুরুত্বের সঙ্গে দেখছেন। এলাকাবাসী দ্রুত সমাধানের দাবি জানিয়েছেন। প্রয়োজনীয় ব্যবস্থা গ্রহণের আশ্বাস দেওয়া হয়েছে এবং পরিস্থিতি পর্যবেক্ষণ করা হচ্ছে।

আইএফআইসি ব্যাংকের কার্যক্রম ১৮ জুলাই

প্রযুক্তিগত উন্নয়নের অংশ হিসেবে আইএফআইসি ব্যাংকের কার্যক্রম ১৮ জুলাই সাময়িকভাবে বন্ধ থাকবে। গ্রাহকদের সাময়িক অসুবিধার জন্য দুঃখ প্রকাশ করেছে কর্তৃপক্ষ। জরুরি প্রয়োজনে ডিজিটাল সেবা চালু থাকবে। বিজ্ঞপ্তি

বিস্তারিত বিবরণ অনুযায়ী স্থানীয় প্রশাসন ও সংশ্লিষ্ট কর্মকর্তারা বিষয়টি গুরুত্বের সঙ্গে দেখছেন। এলাকাবাসী দ্রুত সমাধানের দাবি জানিয়েছেন। প্রয়োজনীয় ব্যবস্থা গ্রহণের আশ্বাস দেওয়া হয়েছে এবং পরিস্থিতি পর্যবেক্ষণ করা হচ্ছে।

কেবিন থেকে

লঞ্চের কেবিন থেকে এক যাত্রীর লাশ উদ্ধার করেছে নৌ পুলিশ। ময়নাতদন্তের জন্য লাশ মর্গে পাঠানো হয়েছে। মৃত্যুর কারণ খতিয়ে দেখছে পুলিশ।

বিস্তারিত বিবরণ অনুযায়ী স্থানীয় প্রশাসন ও সংশ্লিষ্ট কর্মকর্তারা বিষয়টি গুরুত্বের সঙ্গে দেখছেন। এলাকাবাসী দ্রুত সমাধানের দাবি জানিয়েছেন। প্রয়োজনীয় ব্যবস্থা গ্রহণের আশ্বাস দেওয়া হয়েছে এবং পরিস্থিতি পর্যবেক্ষণ করা হচ্ছে।

শিল্পকলায় মহাজনের

শিল্পকলা একাডেমিতে মঞ্চস্থ হবে নাটক 'মহাজনের নাও'। নাট্যদলটির প্রযোজনাটি দর্শকদের মধ্যে ব্যাপক সাড়া ফেলেছে। নাটকটিতে অভিনয় করেছেন দলের নবীন ও প্রবীণ শিল্পীরা। প্রযোজনাটির নির্দেশনায় রয়েছেন খ্যাতিমান নির্দেশক।

বিস্তারিত বিবরণ অনুযায়ী স্থানীয় প্রশাসন ও সংশ্লিষ্ট কর্মকর্তারা বিষয়টি গুরুত্বের সঙ্গে দেখছেন। এলাকাবাসী দ্রুত সমাধানের দাবি জানিয়েছেন। প্রয়োজনীয় ব্যবস্থা গ্রহণের আশ্বাস দেওয়া হয়েছে এবং পরিস্থিতি পর্যবেক্ষণ করা হচ্ছে।

দুই বাংলাদেশির

সীমান্তে বিএসএফের গুলিতে দুই বাংলাদেশি নিহত হয়েছেন। বিজিবির পক্ষ থেকে কড়া প্রতিবাদ জানানো হয়েছে। লাশ ফেরত আনতে পতাকা বৈঠকের প্রস্তুতি চলছে।

বিস্তারিত বিবরণ অনুযায়ী স্থানীয় প্রশাসন ও সংশ্লিষ্ট কর্মকর্তারা বিষয়টি গুরুত্বের সঙ্গে দেখছেন। এলাকাবাসী দ্রুত সমাধানের দাবি জানিয়েছেন। প্রয়োজনীয় ব্যবস্থা গ্রহণের আশ্বাস দেওয়া হয়েছে এবং পরিস্থিতি পর্যবেক্ষণ করা হচ্ছে।

জোড়া খুনে ছয়জনের

জোড়া খুনের মামলায় ছয়জনের যাবজ্জীবন কারাদণ্ড দিয়েছেন আদালত। একই সঙ্গে প্রত্যেককে অর্থদণ্ড দেওয়া হয়েছে। রায় ঘোষণার সময় আসামিরা আদালতে উপস্থিত ছিলেন।

বিস্তারিত বিবরণ অনুযায়ী স্থানীয় প্রশাসন ও সংশ্লিষ্ট কর্মকর্তারা বিষয়টি গুরুত্বের সঙ্গে দেখছেন। এলাকাবাসী দ্রুত সমাধানের দাবি জানিয়েছেন। প্রয়োজনীয় ব্যবস্থা গ্রহণের আশ্বাস দেওয়া হয়েছে এবং পরিস্থিতি পর্যবেক্ষণ করা হচ্ছে।

ছাত্রীকে যৌন নিপীড়নে

ছাত্রীকে যৌন নিপীড়নের অভিযোগে এক শিক্ষককে গ্রেফতার করেছে পুলিশ। ভুক্তভোগীর পরিবারের পক্ষ থেকে থানায় মামলা করা হয়েছে। শিক্ষা প্রতিষ্ঠানের কর্তৃপক্ষ তাকে সাময়িক বরখাস্ত করেছে।

বিস্তারিত বিবরণ অনুযায়ী স্থানীয় প্রশাসন ও সংশ্লিষ্ট কর্মকর্তারা বিষয়টি গুরুত্বের সঙ্গে দেখছেন। এলাকাবাসী দ্রুত সমাধানের দাবি জানিয়েছেন। প্রয়োজনীয় ব্যবস্থা গ্রহণের আশ্বাস দেওয়া হয়েছে এবং পরিস্থিতি পর্যবেক্ষণ করা হচ্ছে।

বিস্তারিত বিবরণ অনুযায়ী স্থানীয় প্রশাসন ও সংশ্লিষ্ট কর্মকর্তারা বিষয়টি গুরুত্বের সঙ্গে দেখছেন। এলাকাবাসী দ্রুত সমাধানের দাবি জানিয়েছেন। প্রয়োজনীয় ব্যবস্থা গ্রহণের আশ্বাস দেওয়া হয়েছে এবং পরিস্থিতি পর্যবেক্ষণ করা হচ্ছে।

বিস্তারিত বিবরণ অনুযায়ী স্থানীয় প্রশাসন ও সংশ্লিষ্ট কর্মকর্তারা বিষয়টি গুরুত্বের সঙ্গে দেখছেন। এলাকাবাসী দ্রুত সমাধানের দাবি জানিয়েছেন। প্রয়োজনীয় ব্যবস্থা গ্রহণের আশ্বাস দেওয়া হয়েছে এবং পরিস্থিতি পর্যবেক্ষণ করা হচ্ছে।

বিস্তারিত বিবরণ অনুযায়ী স্থানীয় প্রশাসন ও সংশ্লিষ্ট কর্মকর্তারা বিষয়টি গুরুত্বের সঙ্গে দেখছেন। এলাকাবাসী দ্রুত সমাধানের দাবি জানিয়েছেন। প্রয়োজনীয় ব্যবস্থা গ্রহণের আশ্বাস দেওয়া হয়েছে এবং পরিস্থিতি পর্যবেক্ষণ করা হচ্ছে।

বিস্তারিত বিবরণ অনুযায়ী স্থানীয় প্রশাসন ও সংশ্লিষ্ট কর্মকর্তারা বিষয়টি গুরুত্বের সঙ্গে দেখছেন। এলাকাবাসী দ্রুত সমাধানের দাবি জানিয়েছেন। প্রয়োজনীয় ব্যবস্থা গ্রহণের আশ্বাস দেওয়া হয়েছে এবং পরিস্থিতি পর্যবেক্ষণ করা হচ্ছে।

বিস্তারিত বিবরণ অনুযায়ী স্থানীয় প্রশাসন ও সংশ্লিষ্ট কর্মকর্তারা বিষয়টি গুরুত্বের সঙ্গে দেখছেন। এলাকাবাসী দ্রুত সমাধানের দাবি জানিয়েছেন। প্রয়োজনীয় ব্যবস্থা গ্রহণের আশ্বাস দেওয়া হয়েছে এবং পরিস্থিতি পর্যবেক্ষণ করা হচ্ছে।

বিস্তারিত বিবরণ অনুযায়ী স্থানীয় প্রশাসন ও সংশ্লিষ্ট কর্মকর্তারা বিষয়টি গুরুত্বের সঙ্গে দেখছেন। এলাকাবাসী দ্রুত সমাধানের দাবি জানিয়েছেন। প্রয়োজনীয় ব্যবস্থা গ্রহণের আশ্বাস দেওয়া হয়েছে এবং পরিস্থিতি পর্যবেক্ষণ করা হচ্ছে।

বিস্তারিত বিবরণ অনুযায়ী স্থানীয় প্রশাসন ও সংশ্লিষ্ট কর্মকর্তারা বিষয়টি গুরুত্বের সঙ্গে দেখছেন। এলাকাবাসী দ্রুত সমাধানের দাবি জানিয়েছেন। প্রয়োজনীয় ব্যবস্থা গ্রহণের আশ্বাস দেওয়া হয়েছে এবং পরিস্থিতি পর্যবেক্ষণ করা হচ্ছে।

বিস্তারিত বিবরণ অনুযায়ী স্থানীয় প্রশাসন ও সংশ্লিষ্ট কর্মকর্তারা বিষয়টি গুরুত্বের সঙ্গে দেখছেন। এলাকাবাসী দ্রুত সমাধানের দাবি জানিয়েছেন। প্রয়োজনীয় ব্যবস্থা গ্রহণের আশ্বাস দেওয়া হয়েছে এবং পরিস্থিতি পর্যবেক্ষণ করা হচ্ছে।

বিস্তারিত বিবরণ অনুযায়ী স্থানীয় প্রশাসন ও সংশ্লিষ্ট কর্মকর্তারা বিষয়টি গুরুত্বের সঙ্গে দেখছেন। এলাকাবাসী দ্রুত সমাধানের দাবি জানিয়েছেন। প্রয়োজনীয় ব্যবস্থা গ্রহণের আশ্বাস দেওয়া হয়েছে এবং পরিস্থিতি পর্যবেক্ষণ করা হচ্ছে।

বিস্তারিত বিবরণ অনুযায়ী স্থানীয় প্রশাসন ও সংশ্লিষ্ট কর্মকর্তারা বিষয়টি গুরুত্বের সঙ্গে দেখছেন। এলাকাবাসী দ্রুত সমাধানের দাবি জানিয়েছেন। প্রয়োজনীয় ব্যবস্থা গ্রহণের আশ্বাস দেওয়া হয়েছে এবং পরিস্থিতি পর্যবেক্ষণ করা হচ্ছে।

বিস্তারিত বিবরণ অনুযায়ী স্থানীয় প্রশাসন ও সংশ্লিষ্ট কর্মকর্তারা বিষয়টি গুরুত্বের সঙ্গে দেখছেন। এলাকাবাসী দ্রুত সমাধানের দাবি জানিয়েছেন। প্রয়োজনীয় ব্যবস্থা গ্রহণের আশ্বাস দেওয়া হয়েছে এবং পরিস্থিতি পর্যবেক্ষণ করা হচ্ছে।

বিস্তারিত বিবরণ অনুযায়ী স্থানীয় প্রশাসন ও সংশ্লিষ্ট কর্মকর্তারা বিষয়টি গুরুত্বের সঙ্গে দেখছেন। এলাকাবাসী দ্রুত সমাধানের দাবি জানিয়েছেন। প্রয়োজনীয় ব্যবস্থা গ্রহণের আশ্বাস দেওয়া হয়েছে এবং পরিস্থিতি পর্যবেক্ষণ করা হচ্ছে।

বিস্তারিত বিবরণ অনুযায়ী স্থানীয় প্রশাসন ও সংশ্লিষ্ট কর্মকর্তারা বিষয়টি গুরুত্বের সঙ্গে দেখছেন। এলাকাবাসী দ্রুত সমাধানের দাবি জানিয়েছেন। প্রয়োজনীয় ব্যবস্থা গ্রহণের আশ্বাস দেওয়া হয়েছে এবং পরিস্থিতি পর্যবেক্ষণ করা হচ্ছে।

বিস্তারিত বিবরণ অনুযায়ী স্থানীয় প্রশাসন ও সংশ্লিষ্ট কর্মকর্তারা বিষয়টি গুরুত্বের সঙ্গে দেখছেন। এলাকাবাসী দ্রুত সমাধানের দাবি জানিয়েছেন। প্রয়োজনীয় ব্যবস্থা গ্রহণের আশ্বাস দেওয়া হয়েছে এবং পরিস্থিতি পর্যবেক্ষণ করা হচ্ছে।

বিস্তারিত বিবরণ অনুযায়ী স্থানীয় প্রশাসন ও সংশ্লিষ্ট কর্মকর্তারা বিষয়টি গুরুত্বের সঙ্গে দেখছেন। এলাকাবাসী দ্রুত সমাধানের দাবি জানিয়েছেন। প্রয়োজনীয় ব্যবস্থা গ্রহণের আশ্বাস দেওয়া হয়েছে এবং পরিস্থিতি পর্যবেক্ষণ করা হচ্ছে।

বিস্তারিত বিবরণ অনুযায়ী স্থানীয় প্রশাসন ও সংশ্লিষ্ট কর্মকর্তারা বিষয়টি গুরুত্বের সঙ্গে দেখছেন। এলাকাবাসী দ্রুত সমাধানের দাবি জানিয়েছেন। প্রয়োজনীয় ব্যবস্থা গ্রহণের আশ্বাস দেওয়া হয়েছে এবং পরিস্থিতি পর্যবেক্ষণ করা হচ্ছে।

বিস্তারিত বিবরণ অনুযায়ী স্থানীয় প্রশাসন ও সংশ্লিষ্ট কর্মকর্তারা বিষয়টি গুরুত্বের সঙ্গে দেখছেন। এলাকাবাসী দ্রুত সমাধানের দাবি জানিয়েছেন। প্রয়োজনীয় ব্যবস্থা গ্রহণের আশ্বাস দেওয়া হয়েছে এবং পরিস্থিতি পর্যবেক্ষণ করা হচ্ছে।

বিস্তারিত বিবরণ অনুযায়ী স্থানীয় প্রশাসন ও সংশ্লিষ্ট কর্মকর্তারা বিষয়টি গুরুত্বের সঙ্গে দেখছেন। এলাকাবাসী দ্রুত সমাধানের দাবি জানিয়েছেন। প্রয়োজনীয় ব্যবস্থা গ্রহণের আশ্বাস দেওয়া হয়েছে এবং পরিস্থিতি পর্যবেক্ষণ করা হচ্ছে।

বিস্তারিত বিবরণ অনুযায়ী স্থানীয় প্রশাসন ও সংশ্লিষ্ট কর্মকর্তারা বিষয়টি গুরুত্বের সঙ্গে দেখছেন। এলাকাবাসী দ্রুত সমাধানের দাবি জানিয়েছেন। প্রয়োজনীয় ব্যবস্থা গ্রহণের আশ্বাস দেওয়া হয়েছে এবং পরিস্থিতি পর্যবেক্ষণ করা হচ্ছে।

বিস্তারিত বিবরণ অনুযায়ী স্থানীয় প্রশাসন ও সংশ্লিষ্ট কর্মকর্তারা বিষয়টি গুরুত্বের সঙ্গে দেখছেন। এলাকাবাসী দ্রুত সমাধানের দাবি জানিয়েছেন। প্রয়োজনীয় ব্যবস্থা গ্রহণের আশ্বাস দেওয়া হয়েছে এবং পরিস্থিতি পর্যবেক্ষণ করা হচ্ছে।
